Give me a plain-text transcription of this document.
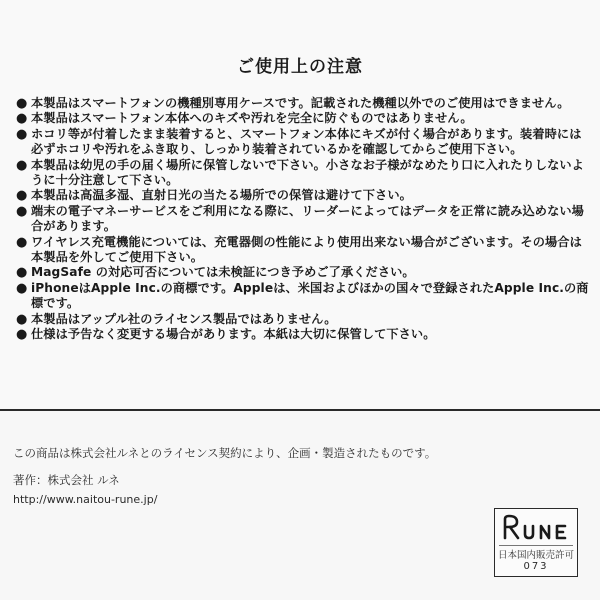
ご使用上の注意
● 本製品はスマートフォンの機種別専用ケースです。記載された機種以外でのご使用はできません。
● 本製品はスマートフォン本体へのキズや汚れを完全に防ぐものではありません。
● ホコリ等が付着したまま装着すると、スマートフォン本体にキズが付く場合があります。装着時には必ずホコリや汚れをふき取り、しっかり装着されているかを確認してからご使用下さい。
● 本製品は幼児の手の届く場所に保管しないで下さい。小さなお子様がなめたり口に入れたりしないように十分注意して下さい。
● 本製品は高温多湿、直射日光の当たる場所での保管は避けて下さい。
● 端末の電子マネーサービスをご利用になる際に、リーダーによってはデータを正常に読み込めない場合があります。
● ワイヤレス充電機能については、充電器側の性能により使用出来ない場合がございます。その場合は本製品を外してご使用下さい。
● MagSafe の対応可否については未検証につき予めご了承ください。
● iPhoneはApple Inc.の商標です。Appleは、米国およびほかの国々で登録されたApple Inc.の商標です。
● 本製品はアップル社のライセンス製品ではありません。
● 仕様は予告なく変更する場合があります。本紙は大切に保管して下さい。
この商品は株式会社ルネとのライセンス契約により、企画・製造されたものです。
著作：株式会社 ルネ
http://www.naitou-rune.jp/
日本国内販売許可
073
